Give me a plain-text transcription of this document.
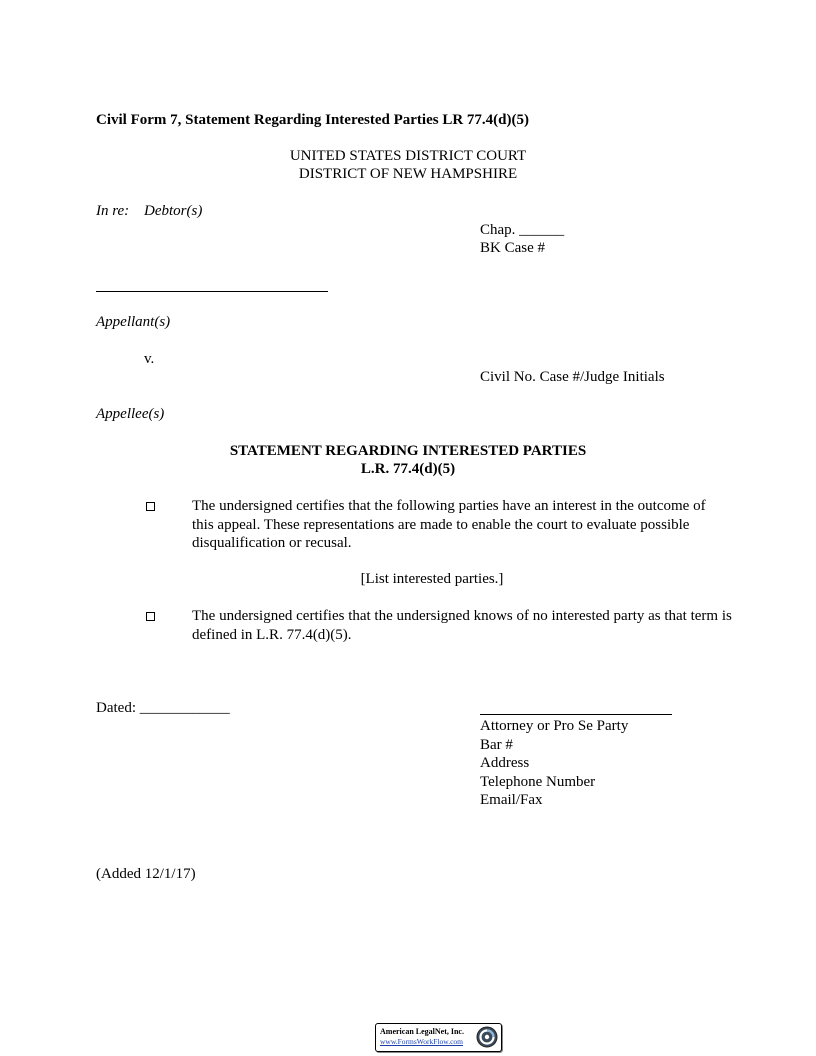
Civil Form 7, Statement Regarding Interested Parties LR 77.4(d)(5)
UNITED STATES DISTRICT COURT
DISTRICT OF NEW HAMPSHIRE
In re: Debtor(s)
Chap. ______
BK Case #
Appellant(s)
v.
Civil No. Case #/Judge Initials
Appellee(s)
STATEMENT REGARDING INTERESTED PARTIES
L.R. 77.4(d)(5)
The undersigned certifies that the following parties have an interest in the outcome of this appeal. These representations are made to enable the court to evaluate possible disqualification or recusal.
[List interested parties.]
The undersigned certifies that the undersigned knows of no interested party as that term is defined in L.R. 77.4(d)(5).
Dated: ____________
Attorney or Pro Se Party
Bar #
Address
Telephone Number
Email/Fax
(Added 12/1/17)
American LegalNet, Inc.
www.FormsWorkFlow.com
